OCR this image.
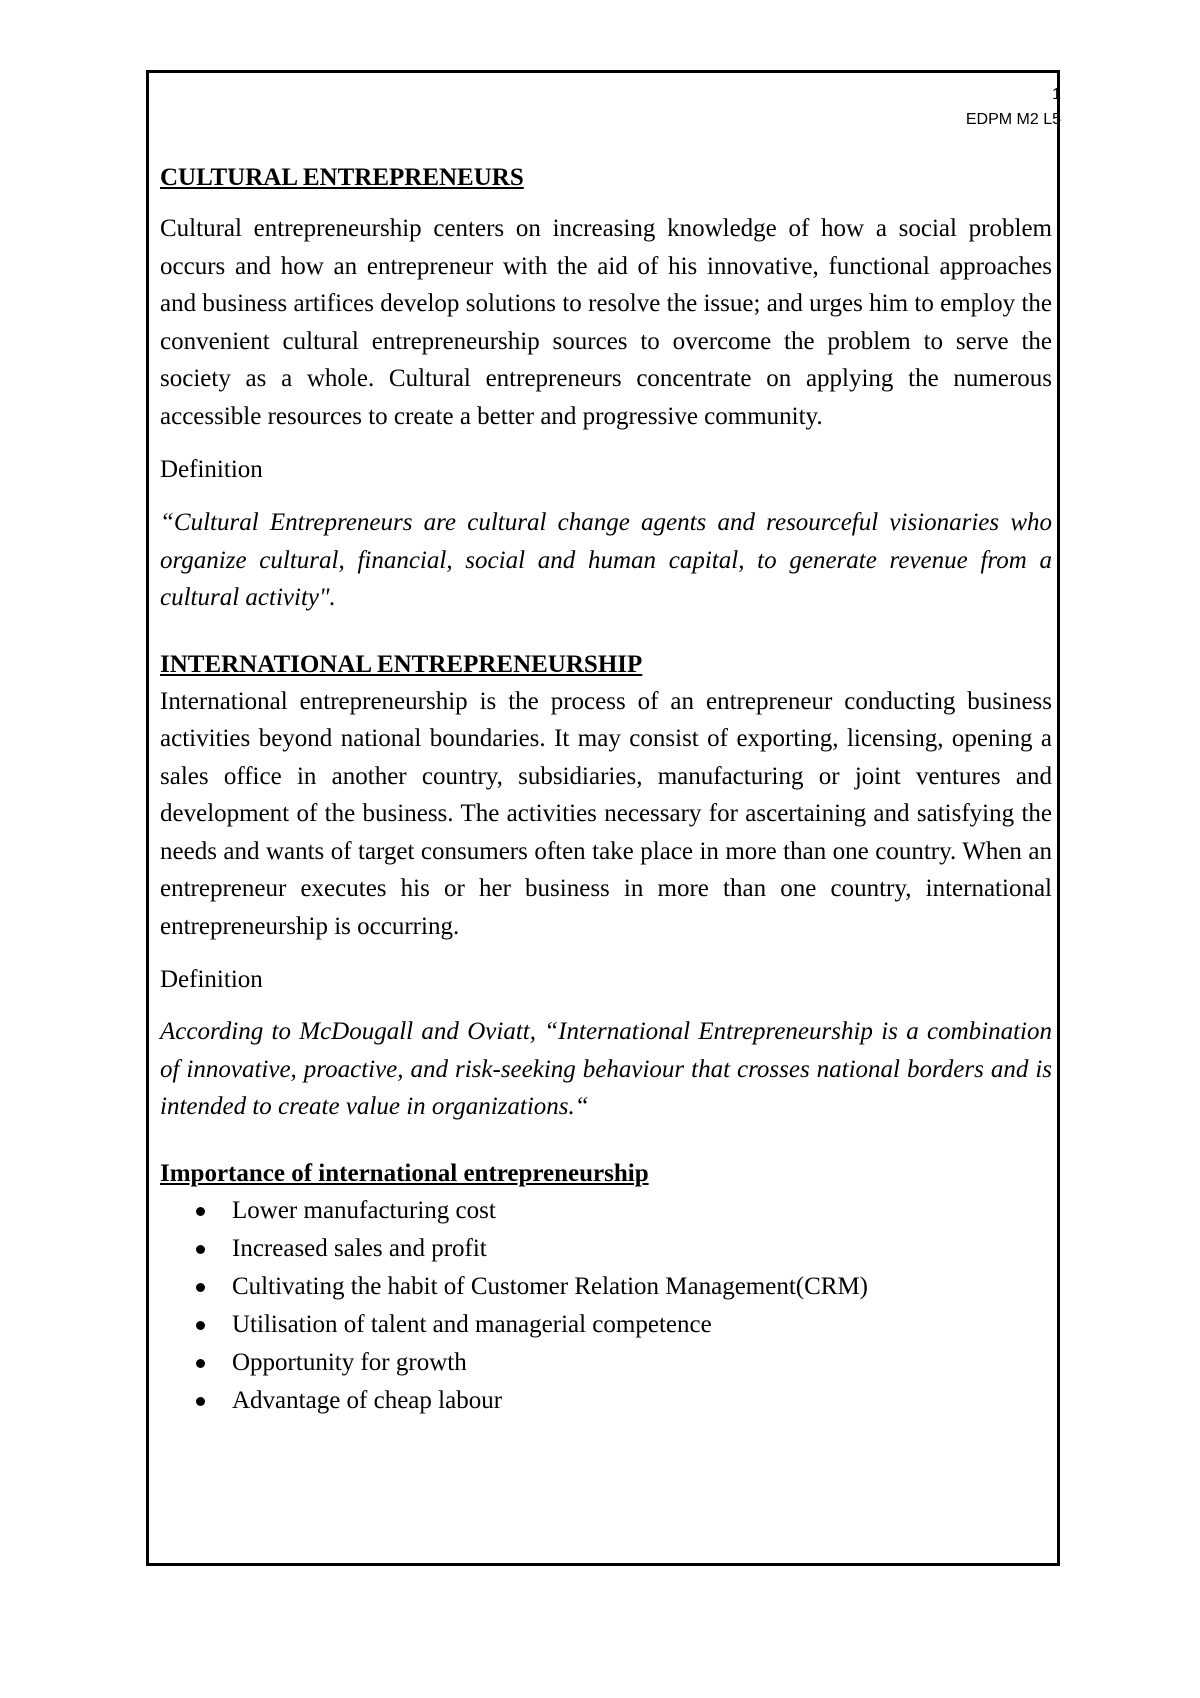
1
EDPM M2 L5

CULTURAL ENTREPRENEURS

Cultural entrepreneurship centers on increasing knowledge of how a social problem occurs and how an entrepreneur with the aid of his innovative, functional approaches and business artifices develop solutions to resolve the issue; and urges him to employ the convenient cultural entrepreneurship sources to overcome the problem to serve the society as a whole. Cultural entrepreneurs concentrate on applying the numerous accessible resources to create a better and progressive community.

Definition

“Cultural Entrepreneurs are cultural change agents and resourceful visionaries who organize cultural, financial, social and human capital, to generate revenue from a cultural activity".

INTERNATIONAL ENTREPRENEURSHIP

International entrepreneurship is the process of an entrepreneur conducting business activities beyond national boundaries. It may consist of exporting, licensing, opening a sales office in another country, subsidiaries, manufacturing or joint ventures and development of the business. The activities necessary for ascertaining and satisfying the needs and wants of target consumers often take place in more than one country. When an entrepreneur executes his or her business in more than one country, international entrepreneurship is occurring.

Definition

According to McDougall and Oviatt, “International Entrepreneurship is a combination of innovative, proactive, and risk-seeking behaviour that crosses national borders and is intended to create value in organizations.“

Importance of international entrepreneurship

Lower manufacturing cost
Increased sales and profit
Cultivating the habit of Customer Relation Management(CRM)
Utilisation of talent and managerial competence
Opportunity for growth
Advantage of cheap labour
